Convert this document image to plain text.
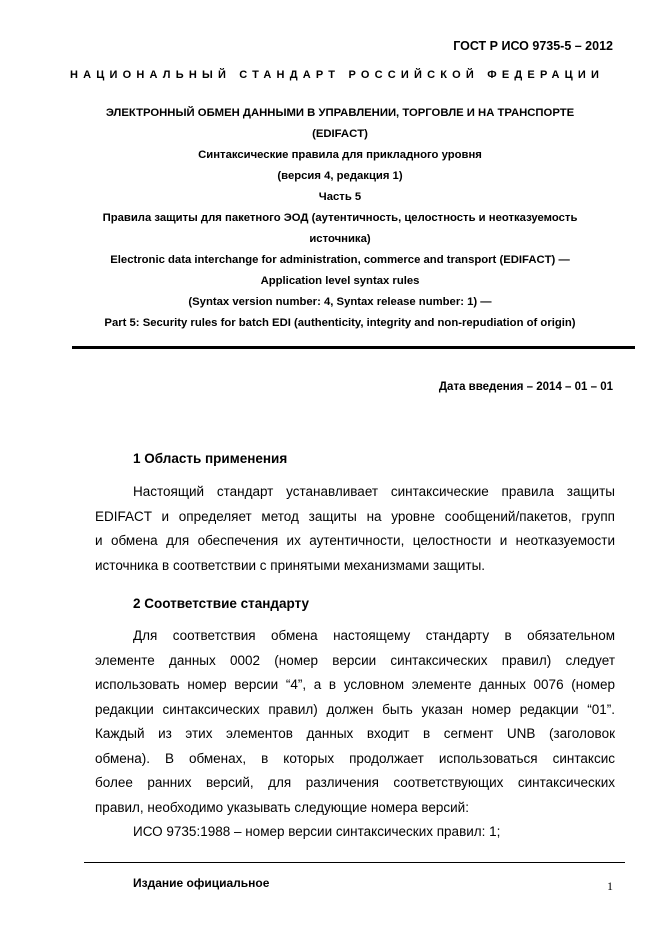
ГОСТ Р ИСО 9735-5 – 2012
НАЦИОНАЛЬНЫЙ СТАНДАРТ РОССИЙСКОЙ ФЕДЕРАЦИИ
ЭЛЕКТРОННЫЙ ОБМЕН ДАННЫМИ В УПРАВЛЕНИИ, ТОРГОВЛЕ И НА ТРАНСПОРТЕ
(EDIFACT)
Синтаксические правила для прикладного уровня
(версия 4, редакция 1)
Часть 5
Правила защиты для пакетного ЭОД (аутентичность, целостность и неотказуемость
источника)
Electronic data interchange for administration, commerce and transport (EDIFACT) —
Application level syntax rules
(Syntax version number: 4, Syntax release number: 1) —
Part 5: Security rules for batch EDI (authenticity, integrity and non-repudiation of origin)
Дата введения – 2014 – 01 – 01
1 Область применения
Настоящий стандарт устанавливает синтаксические правила защиты
EDIFACT и определяет метод защиты на уровне сообщений/пакетов, групп
и обмена для обеспечения их аутентичности, целостности и неотказуемости
источника в соответствии с принятыми механизмами защиты.
2 Соответствие стандарту
Для соответствия обмена настоящему стандарту в обязательном
элементе данных 0002 (номер версии синтаксических правил) следует
использовать номер версии “4”, а в условном элементе данных 0076 (номер
редакции синтаксических правил) должен быть указан номер редакции “01”.
Каждый из этих элементов данных входит в сегмент UNB (заголовок
обмена). В обменах, в которых продолжает использоваться синтаксис
более ранних версий, для различения соответствующих синтаксических
правил, необходимо указывать следующие номера версий:
ИСО 9735:1988 – номер версии синтаксических правил: 1;
Издание официальное	1
